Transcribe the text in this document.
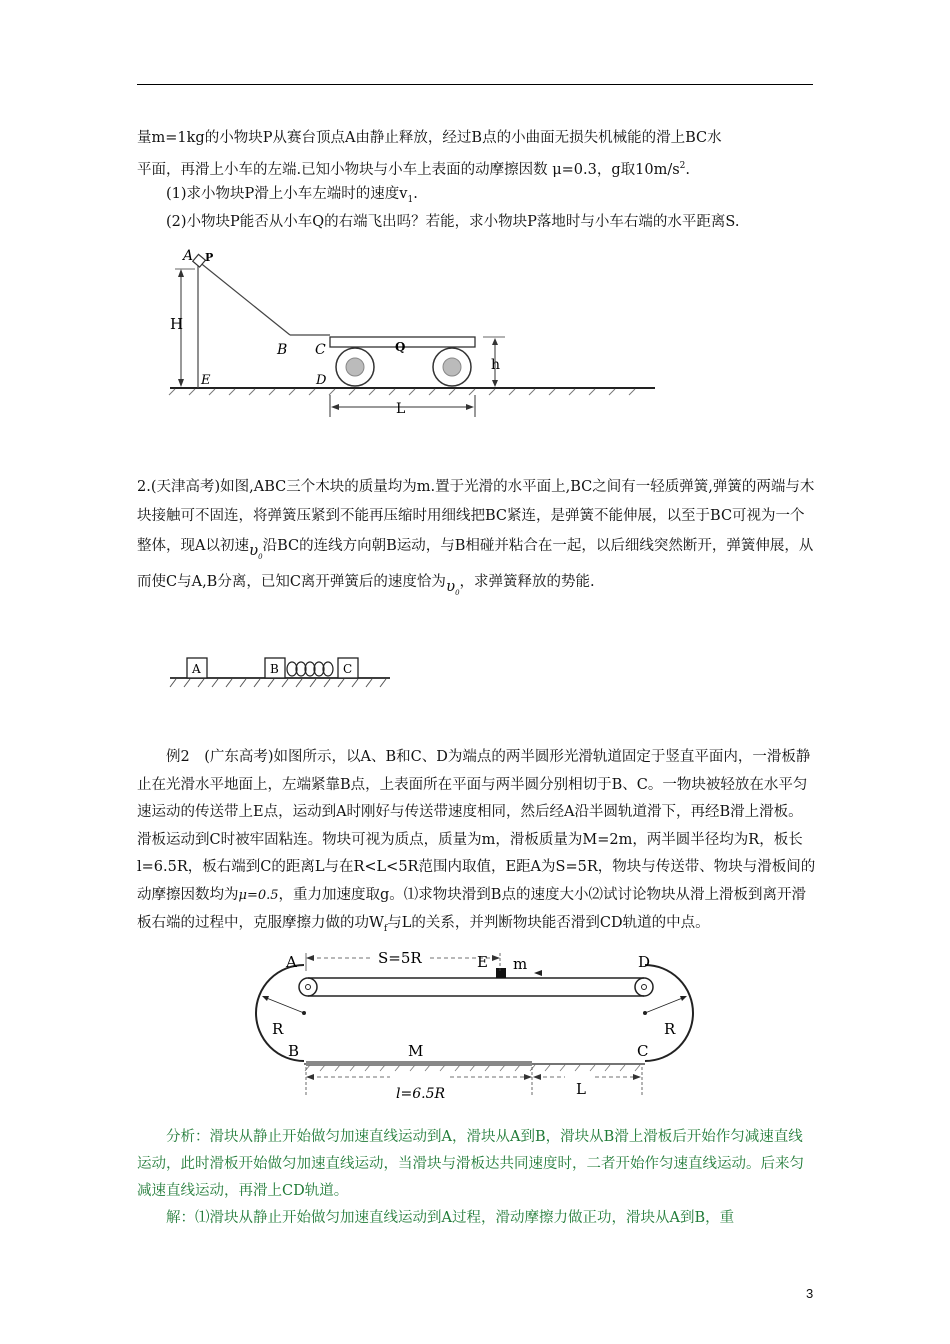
量m=1kg的小物块P从赛台顶点A由静止释放，经过B点的小曲面无损失机械能的滑上BC水

平面，再滑上小车的左端.已知小物块与小车上表面的动摩擦因数 μ=0.3，g取$10m/s^2$.

(1)求小物块P滑上小车左端时的速度$v_1$.

(2)小物块P能否从小车Q的右端飞出吗？若能，求小物块P落地时与小车右端的水平距离S.

A P
H
B C	Q
h
E	D
L
2.(天津高考)如图,ABC三个木块的质量均为m.置于光滑的水平面上,BC之间有一轻质弹簧,弹簧的两端与木块接触可不固连，将弹簧压紧到不能再压缩时用细线把BC紧连，是弹簧不能伸展，以至于BC可视为一个整体，现A以初速$\upsilon_0$沿BC的连线方向朝B运动，与B相碰并粘合在一起，以后细线突然断开，弹簧伸展，从而使C与A,B分离，已知C离开弹簧后的速度恰为$\upsilon_0$，求弹簧释放的势能.
A	B	C
例2　(广东高考)如图所示，以A、B和C、D为端点的两半圆形光滑轨道固定于竖直平面内，一滑板静止在光滑水平地面上，左端紧靠B点，上表面所在平面与两半圆分别相切于B、C。一物块被轻放在水平匀速运动的传送带上E点，运动到A时刚好与传送带速度相同，然后经A沿半圆轨道滑下，再经B滑上滑板。滑板运动到C时被牢固粘连。物块可视为质点，质量为m，滑板质量为M=2m，两半圆半径均为R，板长l=6.5R，板右端到C的距离L与在R<L<5R范围内取值，E距A为S=5R，物块与传送带、物块与滑板间的动摩擦因数均为μ=0.5，重力加速度取g。⑴求物块滑到B点的速度大小⑵试讨论物块从滑上滑板到离开滑板右端的过程中，克服摩擦力做的功$W_f$与L的关系，并判断物块能否滑到CD轨道的中点。
A	S=5R	E m	D
R	R
B	M	C
l=6.5R	L
分析：滑块从静止开始做匀加速直线运动到A，滑块从A到B，滑块从B滑上滑板后开始作匀减速直线运动，此时滑板开始做匀加速直线运动，当滑块与滑板达共同速度时，二者开始作匀速直线运动。后来匀减速直线运动，再滑上CD轨道。
解：⑴滑块从静止开始做匀加速直线运动到A过程，滑动摩擦力做正功，滑块从A到B，重
3
